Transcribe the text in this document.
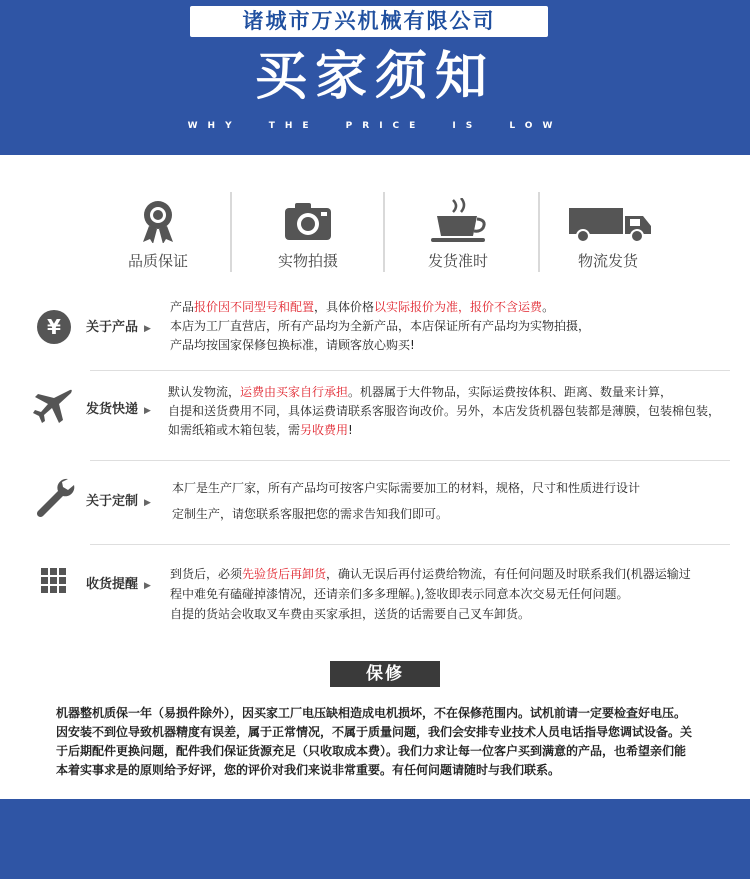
诸城市万兴机械有限公司
买家须知
WHY THE PRICE IS LOW
品质保证	实物拍摄	发货准时	物流发货
¥ 关于产品 ▶
产品报价因不同型号和配置，具体价格以实际报价为准，报价不含运费。
本店为工厂直营店，所有产品均为全新产品，本店保证所有产品均为实物拍摄，
产品均按国家保修包换标准，请顾客放心购买!
发货快递 ▶
默认发物流，运费由买家自行承担。机器属于大件物品，实际运费按体积、距离、数量来计算，
自提和送货费用不同，具体运费请联系客服咨询改价。另外，本店发货机器包装都是薄膜，包装棉包装，
如需纸箱或木箱包装，需另收费用!
关于定制 ▶
本厂是生产厂家，所有产品均可按客户实际需要加工的材料，规格，尺寸和性质进行设计
定制生产，请您联系客服把您的需求告知我们即可。
收货提醒 ▶
到货后，必须先验货后再卸货，确认无误后再付运费给物流，有任何问题及时联系我们(机器运输过
程中难免有磕碰掉漆情况，还请亲们多多理解。),签收即表示同意本次交易无任何问题。
自提的货站会收取叉车费由买家承担，送货的话需要自己叉车卸货。
保修
机器整机质保一年（易损件除外），因买家工厂电压缺相造成电机损坏，不在保修范围内。试机前请一定要检查好电压。
因安装不到位导致机器精度有误差，属于正常情况，不属于质量问题，我们会安排专业技术人员电话指导您调试设备。关
于后期配件更换问题，配件我们保证货源充足（只收取成本费）。我们力求让每一位客户买到满意的产品，也希望亲们能
本着实事求是的原则给予好评，您的评价对我们来说非常重要。有任何问题请随时与我们联系。
